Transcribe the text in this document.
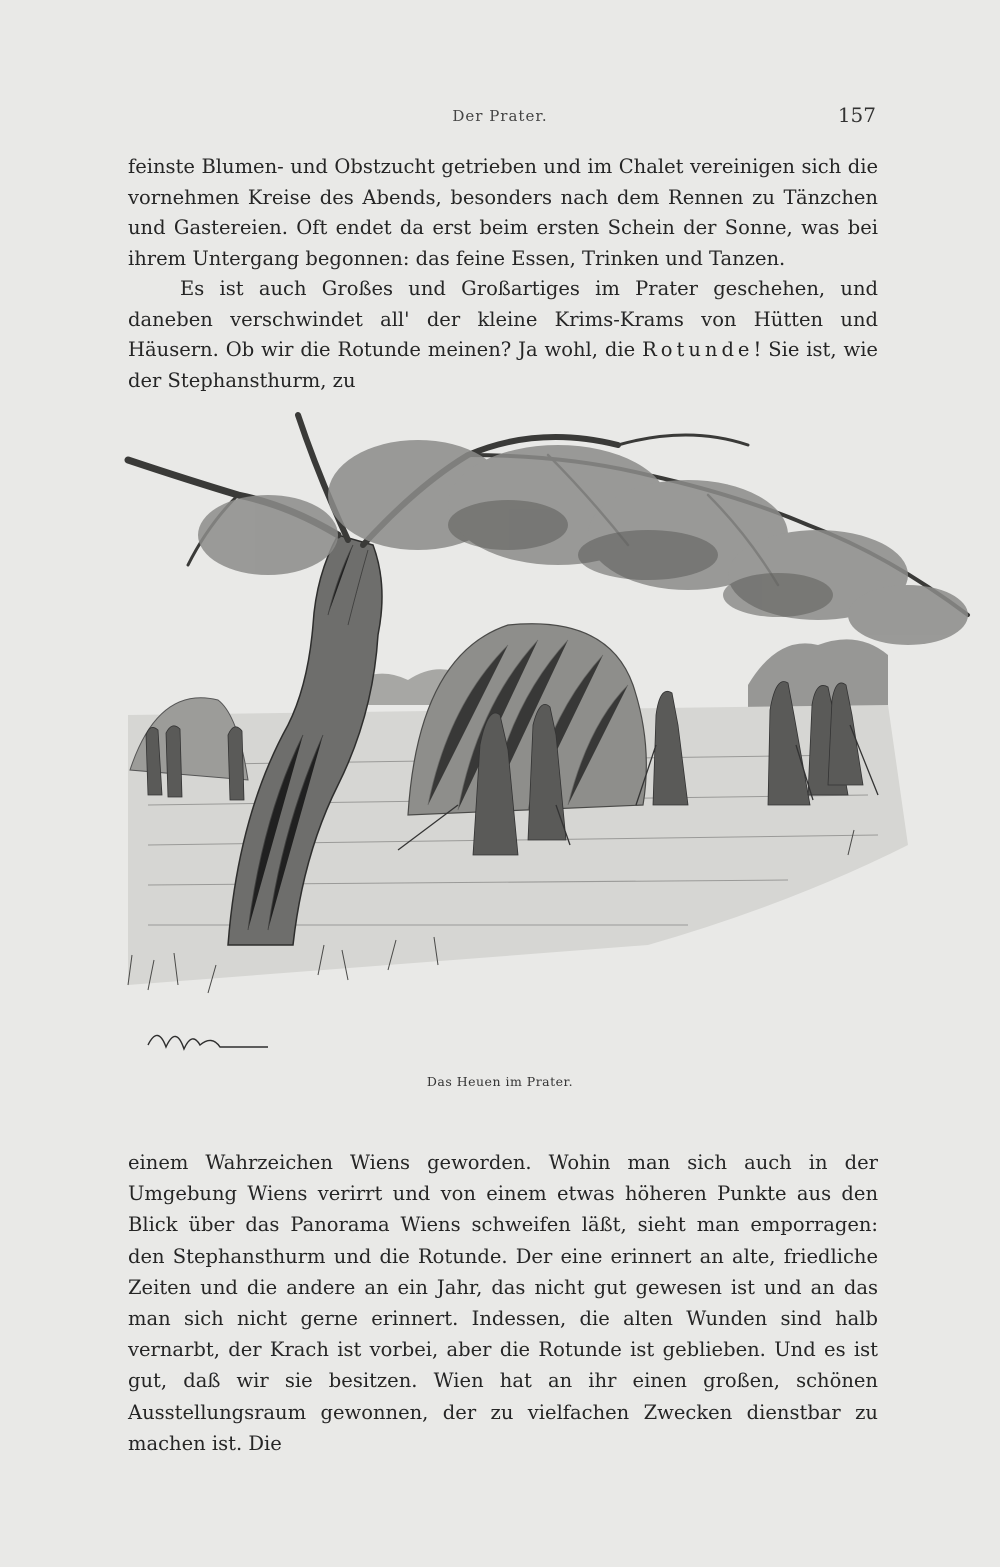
Der Prater.	157

feinste Blumen- und Obstzucht getrieben und im Chalet vereinigen sich die vornehmen Kreise des Abends, besonders nach dem Rennen zu Tänzchen und Gastereien. Oft endet da erst beim ersten Schein der Sonne, was bei ihrem Untergang begonnen: das feine Essen, Trinken und Tanzen.

Es ist auch Großes und Großartiges im Prater geschehen, und daneben verschwindet all' der kleine Krims-Krams von Hütten und Häusern. Ob wir die Rotunde meinen? Ja wohl, die Rotunde! Sie ist, wie der Stephansthurm, zu

Das Heuen im Prater.

einem Wahrzeichen Wiens geworden. Wohin man sich auch in der Umgebung Wiens verirrt und von einem etwas höheren Punkte aus den Blick über das Panorama Wiens schweifen läßt, sieht man emporragen: den Stephansthurm und die Rotunde. Der eine erinnert an alte, friedliche Zeiten und die andere an ein Jahr, das nicht gut gewesen ist und an das man sich nicht gerne erinnert. Indessen, die alten Wunden sind halb vernarbt, der Krach ist vorbei, aber die Rotunde ist geblieben. Und es ist gut, daß wir sie besitzen. Wien hat an ihr einen großen, schönen Ausstellungsraum gewonnen, der zu vielfachen Zwecken dienstbar zu machen ist. Die
